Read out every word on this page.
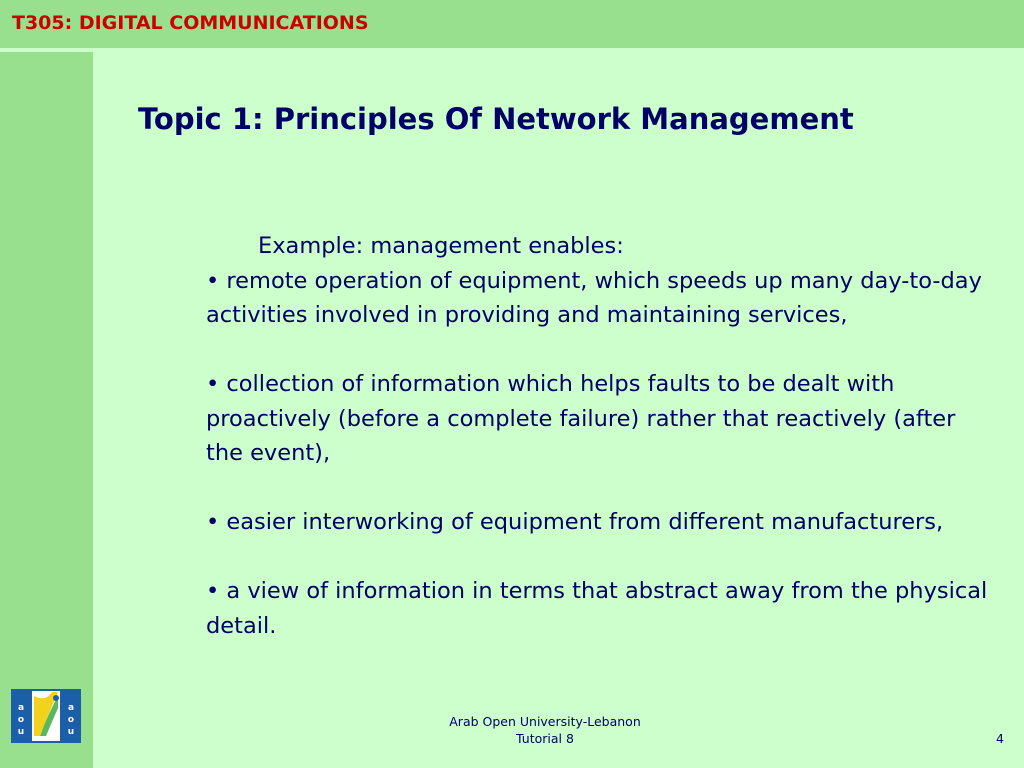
T305: DIGITAL COMMUNICATIONS
Topic 1: Principles Of Network Management
Example: management enables:
• remote operation of equipment, which speeds up many day-to-day activities involved in providing and maintaining services,
• collection of information which helps faults to be dealt with proactively (before a complete failure) rather that reactively (after the event),
• easier interworking of equipment from different manufacturers,
• a view of information in terms that abstract away from the physical detail.
a
o
u
a
o
u
Arab Open University-Lebanon
Tutorial 8	4
